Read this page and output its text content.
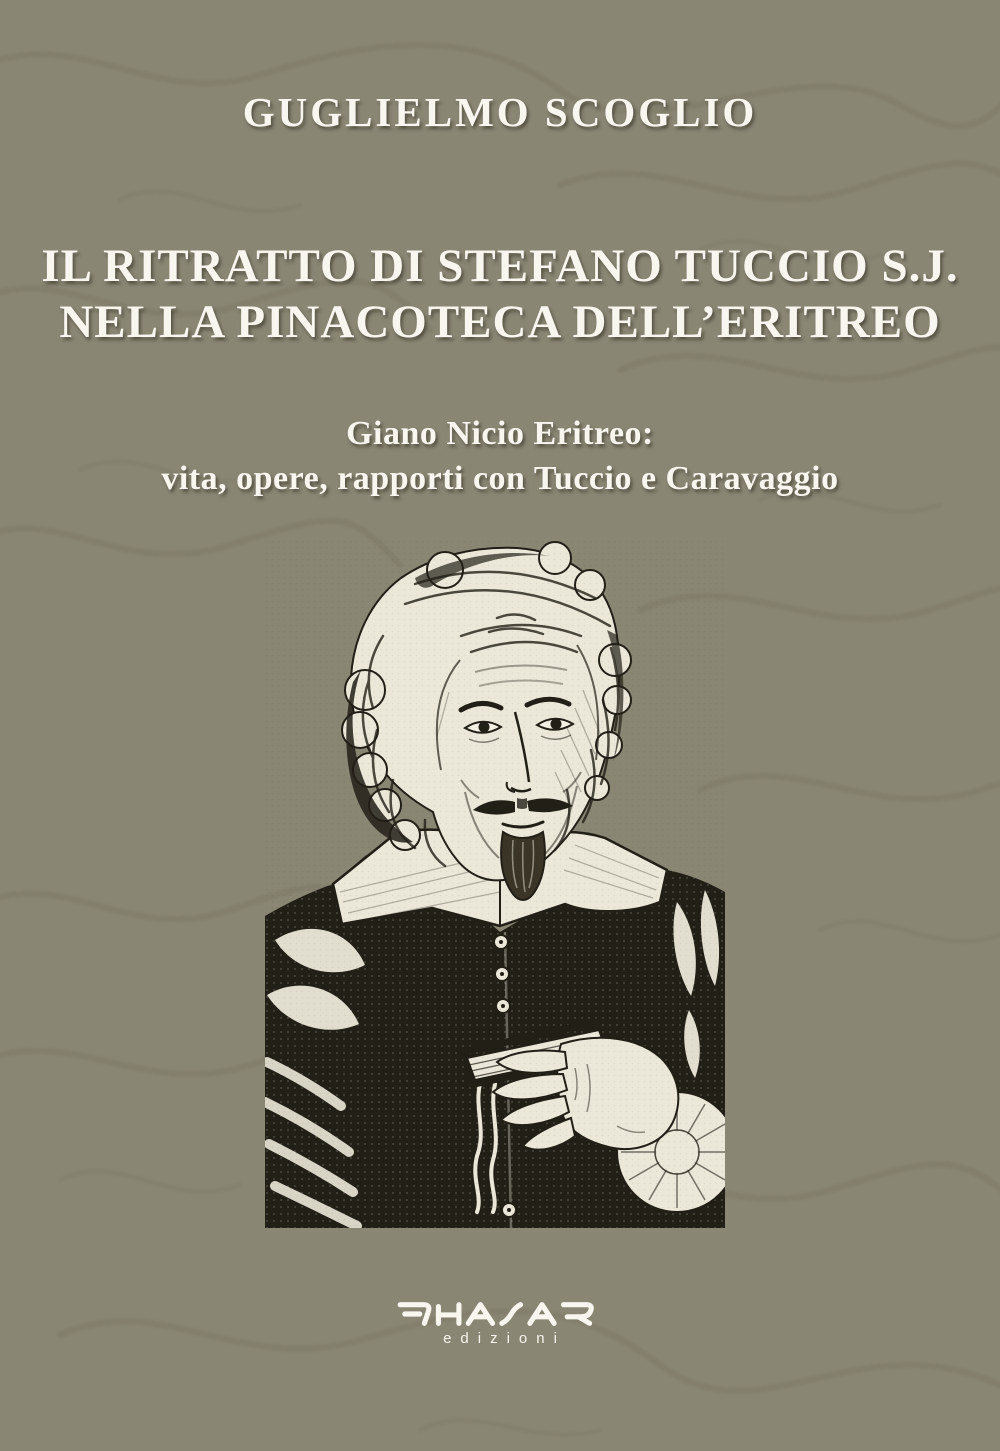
GUGLIELMO SCOGLIO
IL RITRATTO DI STEFANO TUCCIO S.J.
NELLA PINACOTECA DELL’ERITREO
Giano Nicio Eritreo:
vita, opere, rapporti con Tuccio e Caravaggio
edizioni
